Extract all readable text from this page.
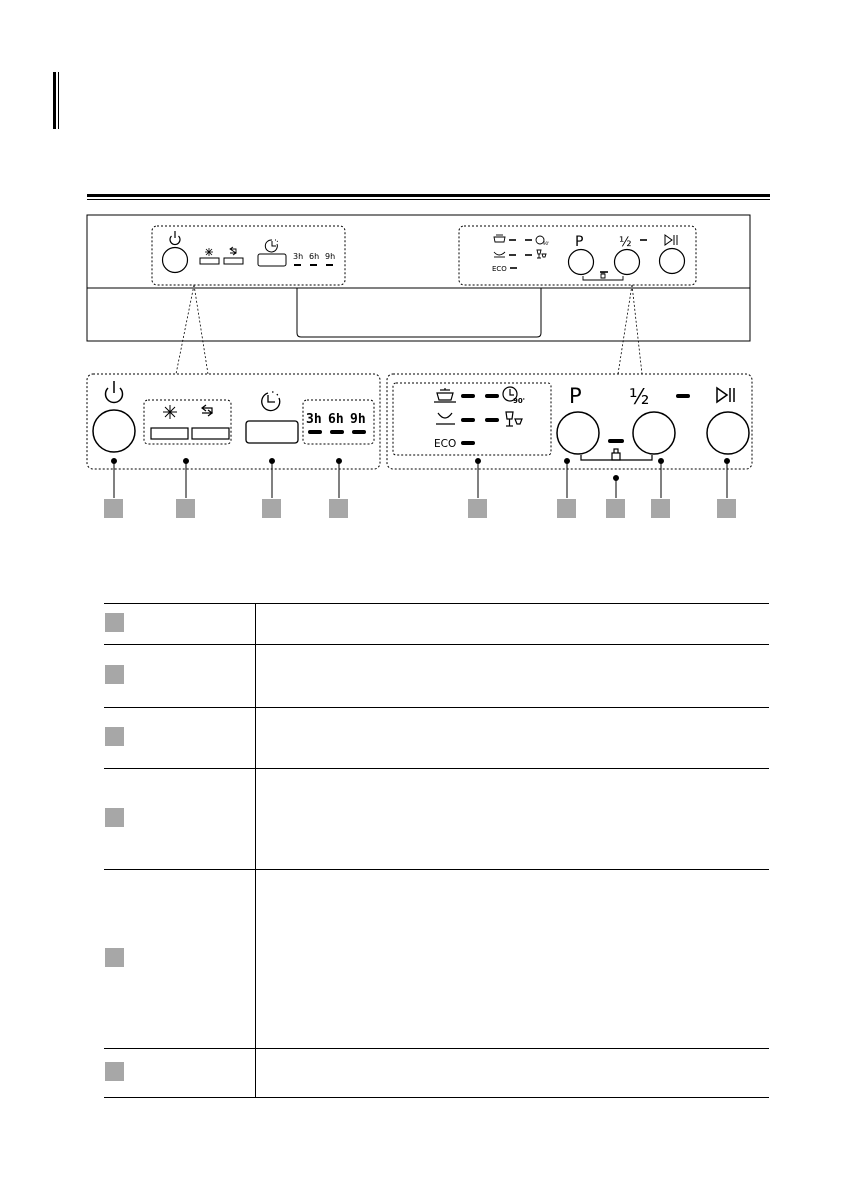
3h 6h 9h
90'
ECO
P	½
3h 6h 9h
90'
ECO
P ½
